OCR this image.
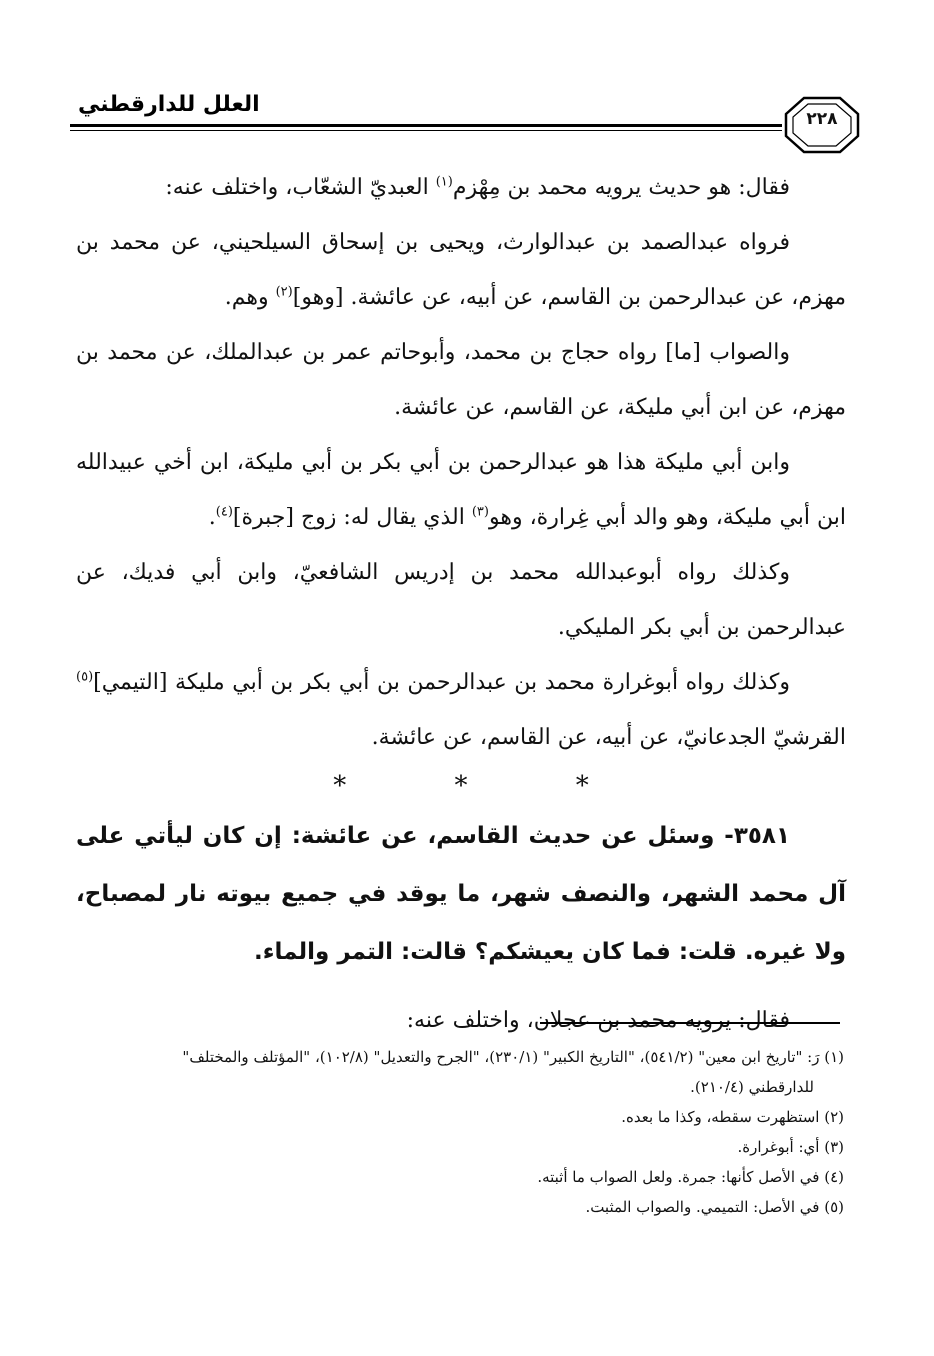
العلل للدارقطني
٢٢٨

فقال: هو حديث يرويه محمد بن مِهْزم$^{(١)}$ العبديّ الشعّاب، واختلف عنه:

فرواه عبدالصمد بن عبدالوارث، ويحيى بن إسحاق السيلحيني، عن محمد بن مهزم، عن عبدالرحمن بن القاسم، عن أبيه، عن عائشة. [وهو]$^{(٢)}$ وهم.

والصواب [ما] رواه حجاج بن محمد، وأبوحاتم عمر بن عبدالملك، عن محمد بن مهزم، عن ابن أبي مليكة، عن القاسم، عن عائشة.

وابن أبي مليكة هذا هو عبدالرحمن بن أبي بكر بن أبي مليكة، ابن أخي عبيدالله ابن أبي مليكة، وهو والد أبي غِرارة، وهو$^{(٣)}$ الذي يقال له: زوج [جبرة]$^{(٤)}$.

وكذلك رواه أبوعبدالله محمد بن إدريس الشافعيّ، وابن أبي فديك، عن عبدالرحمن بن أبي بكر المليكي.

وكذلك رواه أبوغرارة محمد بن عبدالرحمن بن أبي بكر بن أبي مليكة [التيمي]$^{(٥)}$ القرشيّ الجدعانيّ، عن أبيه، عن القاسم، عن عائشة.

* * *

٣٥٨١- وسئل عن حديث القاسم، عن عائشة: إن كان ليأتي على آل محمد الشهر، والنصف شهر، ما يوقد في جميع بيوته نار لمصباح، ولا غيره. قلت: فما كان يعيشكم؟ قالت: التمر والماء.

فقال: يرويه محمد بن عجلان، واختلف عنه:

(١) رَ: "تاريخ ابن معين" (٥٤١/٢)، "التاريخ الكبير" (٢٣٠/١)، "الجرح والتعديل" (١٠٢/٨)، "المؤتلف والمختلف"

للدارقطني (٢١٠/٤).

(٢) استظهرت سقطه، وكذا ما بعده.

(٣) أي: أبوغرارة.

(٤) في الأصل كأنها: جمرة. ولعل الصواب ما أثبته.

(٥) في الأصل: التميمي. والصواب المثبت.
